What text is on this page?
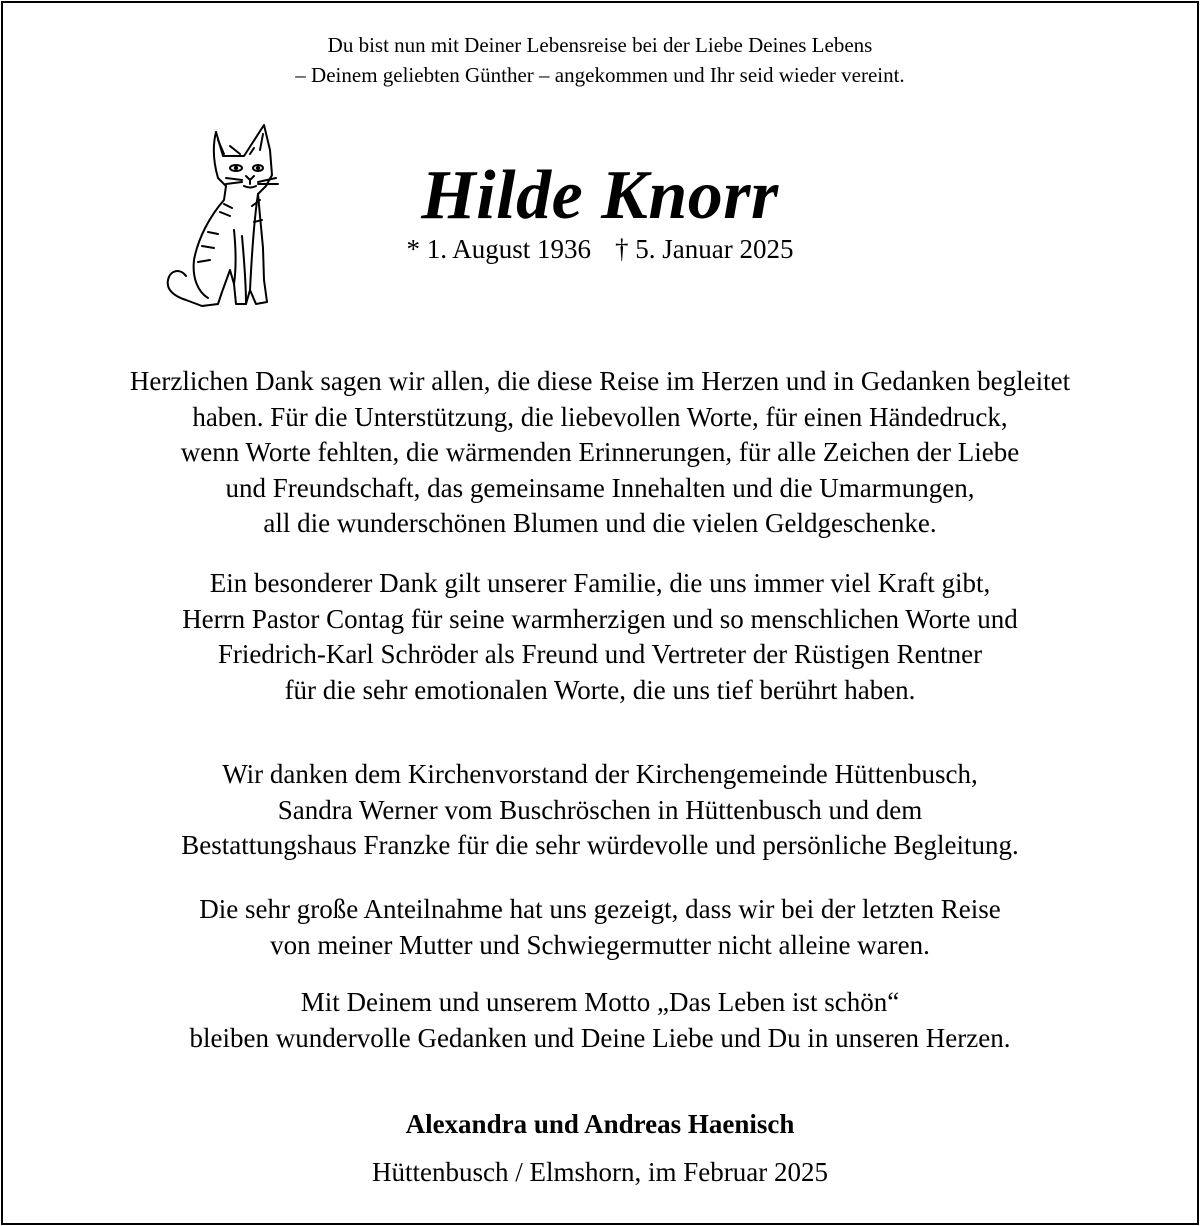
Du bist nun mit Deiner Lebensreise bei der Liebe Deines Lebens
– Deinem geliebten Günther – angekommen und Ihr seid wieder vereint.
Hilde Knorr
* 1. August 1936 † 5. Januar 2025
Herzlichen Dank sagen wir allen, die diese Reise im Herzen und in Gedanken begleitet
haben. Für die Unterstützung, die liebevollen Worte, für einen Händedruck,
wenn Worte fehlten, die wärmenden Erinnerungen, für alle Zeichen der Liebe
und Freundschaft, das gemeinsame Innehalten und die Umarmungen,
all die wunderschönen Blumen und die vielen Geldgeschenke.
Ein besonderer Dank gilt unserer Familie, die uns immer viel Kraft gibt,
Herrn Pastor Contag für seine warmherzigen und so menschlichen Worte und
Friedrich-Karl Schröder als Freund und Vertreter der Rüstigen Rentner
für die sehr emotionalen Worte, die uns tief berührt haben.
Wir danken dem Kirchenvorstand der Kirchengemeinde Hüttenbusch,
Sandra Werner vom Buschröschen in Hüttenbusch und dem
Bestattungshaus Franzke für die sehr würdevolle und persönliche Begleitung.
Die sehr große Anteilnahme hat uns gezeigt, dass wir bei der letzten Reise
von meiner Mutter und Schwiegermutter nicht alleine waren.
Mit Deinem und unserem Motto „Das Leben ist schön“
bleiben wundervolle Gedanken und Deine Liebe und Du in unseren Herzen.
Alexandra und Andreas Haenisch
Hüttenbusch / Elmshorn, im Februar 2025
